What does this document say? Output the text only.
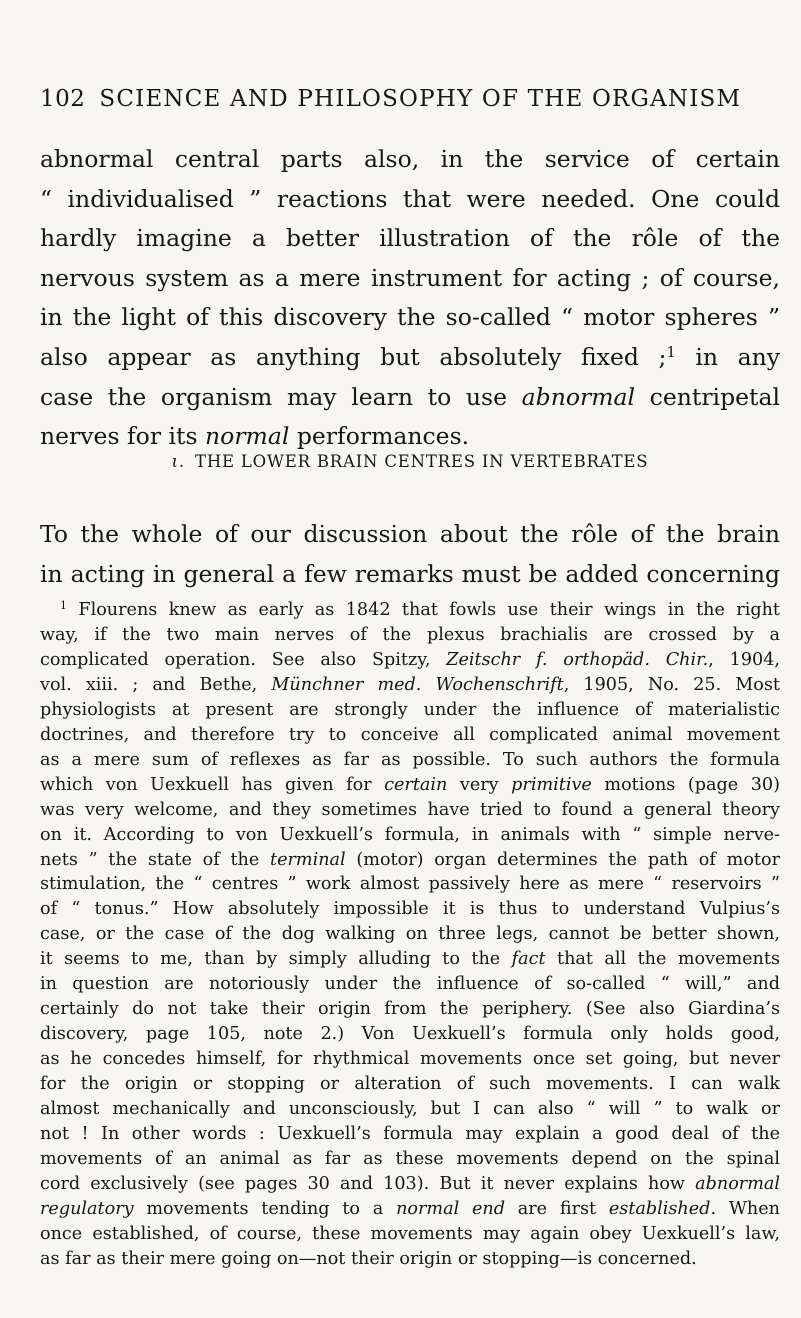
102 SCIENCE AND PHILOSOPHY OF THE ORGANISM
abnormal central parts also, in the service of certain
“ individualised ” reactions that were needed. One could
hardly imagine a better illustration of the rôle of the
nervous system as a mere instrument for acting ; of course,
in the light of this discovery the so-called “ motor spheres ”
also appear as anything but absolutely fixed ;$^1$ in any
case the organism may learn to use abnormal centripetal
nerves for its normal performances.
ι. THE LOWER BRAIN CENTRES IN VERTEBRATES
To the whole of our discussion about the rôle of the brain
in acting in general a few remarks must be added concerning
$^1$ Flourens knew as early as 1842 that fowls use their wings in the right
way, if the two main nerves of the plexus brachialis are crossed by a
complicated operation. See also Spitzy, Zeitschr f. orthopäd. Chir., 1904,
vol. xiii. ; and Bethe, Münchner med. Wochenschrift, 1905, No. 25. Most
physiologists at present are strongly under the influence of materialistic
doctrines, and therefore try to conceive all complicated animal movement
as a mere sum of reflexes as far as possible. To such authors the formula
which von Uexkuell has given for certain very primitive motions (page 30)
was very welcome, and they sometimes have tried to found a general theory
on it. According to von Uexkuell’s formula, in animals with “ simple nerve-
nets ” the state of the terminal (motor) organ determines the path of motor
stimulation, the “ centres ” work almost passively here as mere “ reservoirs ”
of “ tonus.” How absolutely impossible it is thus to understand Vulpius’s
case, or the case of the dog walking on three legs, cannot be better shown,
it seems to me, than by simply alluding to the fact that all the movements
in question are notoriously under the influence of so-called “ will,” and
certainly do not take their origin from the periphery. (See also Giardina’s
discovery, page 105, note 2.) Von Uexkuell’s formula only holds good,
as he concedes himself, for rhythmical movements once set going, but never
for the origin or stopping or alteration of such movements. I can walk
almost mechanically and unconsciously, but I can also “ will ” to walk or
not ! In other words : Uexkuell’s formula may explain a good deal of the
movements of an animal as far as these movements depend on the spinal
cord exclusively (see pages 30 and 103). But it never explains how abnormal
regulatory movements tending to a normal end are first established. When
once established, of course, these movements may again obey Uexkuell’s law,
as far as their mere going on—not their origin or stopping—is concerned.
